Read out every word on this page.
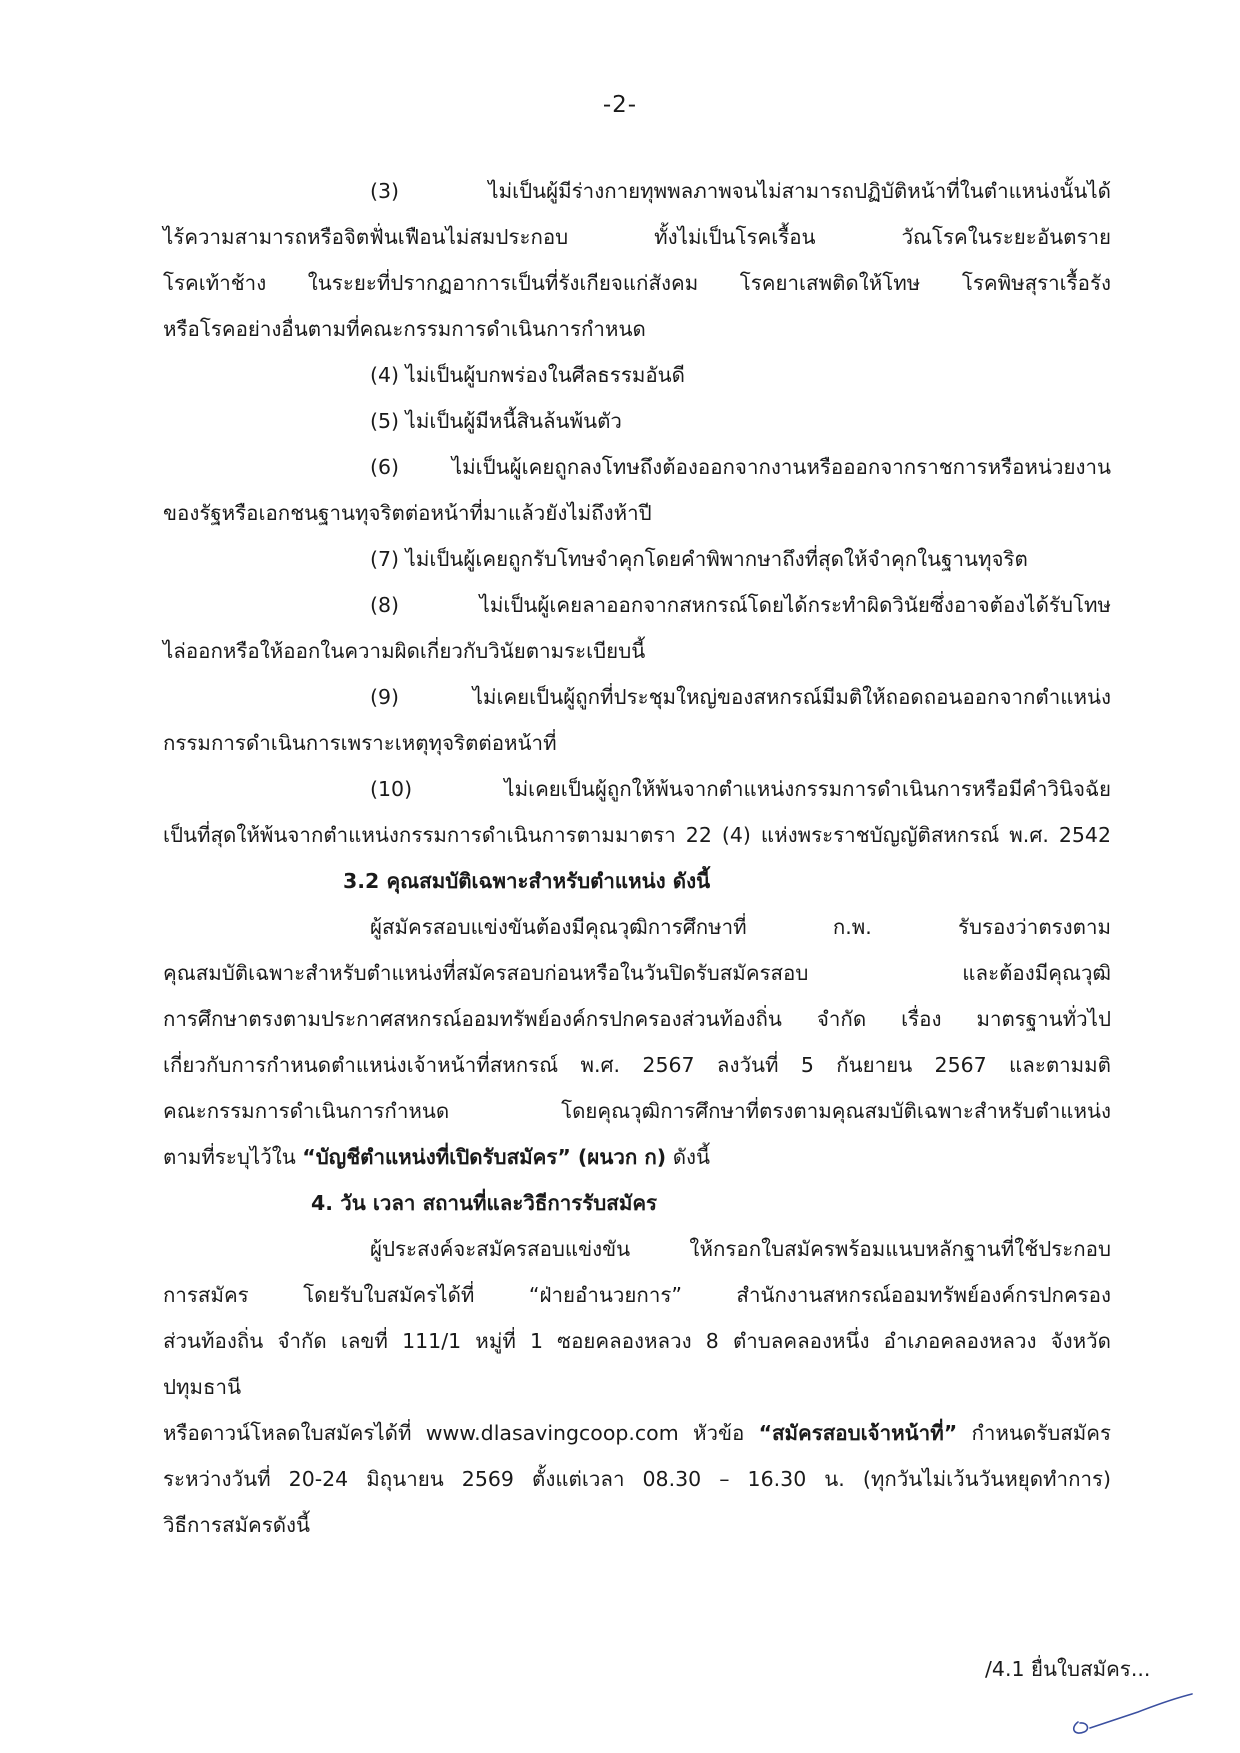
-2-

(3) ไม่เป็นผู้มีร่างกายทุพพลภาพจนไม่สามารถปฏิบัติหน้าที่ในตำแหน่งนั้นได้

ไร้ความสามารถหรือจิตฟั่นเฟือนไม่สมประกอบ ทั้งไม่เป็นโรคเรื้อน วัณโรคในระยะอันตราย

โรคเท้าช้าง ในระยะที่ปรากฏอาการเป็นที่รังเกียจแก่สังคม โรคยาเสพติดให้โทษ โรคพิษสุราเรื้อรัง

หรือโรคอย่างอื่นตามที่คณะกรรมการดำเนินการกำหนด

(4) ไม่เป็นผู้บกพร่องในศีลธรรมอันดี

(5) ไม่เป็นผู้มีหนี้สินล้นพ้นตัว

(6) ไม่เป็นผู้เคยถูกลงโทษถึงต้องออกจากงานหรือออกจากราชการหรือหน่วยงาน

ของรัฐหรือเอกชนฐานทุจริตต่อหน้าที่มาแล้วยังไม่ถึงห้าปี

(7) ไม่เป็นผู้เคยถูกรับโทษจำคุกโดยคำพิพากษาถึงที่สุดให้จำคุกในฐานทุจริต

(8) ไม่เป็นผู้เคยลาออกจากสหกรณ์โดยได้กระทำผิดวินัยซึ่งอาจต้องได้รับโทษ

ไล่ออกหรือให้ออกในความผิดเกี่ยวกับวินัยตามระเบียบนี้

(9) ไม่เคยเป็นผู้ถูกที่ประชุมใหญ่ของสหกรณ์มีมติให้ถอดถอนออกจากตำแหน่ง

กรรมการดำเนินการเพราะเหตุทุจริตต่อหน้าที่

(10) ไม่เคยเป็นผู้ถูกให้พ้นจากตำแหน่งกรรมการดำเนินการหรือมีคำวินิจฉัย

เป็นที่สุดให้พ้นจากตำแหน่งกรรมการดำเนินการตามมาตรา 22 (4) แห่งพระราชบัญญัติสหกรณ์ พ.ศ. 2542

3.2 คุณสมบัติเฉพาะสำหรับตำแหน่ง ดังนี้

ผู้สมัครสอบแข่งขันต้องมีคุณวุฒิการศึกษาที่ ก.พ. รับรองว่าตรงตาม

คุณสมบัติเฉพาะสำหรับตำแหน่งที่สมัครสอบก่อนหรือในวันปิดรับสมัครสอบ และต้องมีคุณวุฒิ

การศึกษาตรงตามประกาศสหกรณ์ออมทรัพย์องค์กรปกครองส่วนท้องถิ่น จำกัด เรื่อง มาตรฐานทั่วไป

เกี่ยวกับการกำหนดตำแหน่งเจ้าหน้าที่สหกรณ์ พ.ศ. 2567 ลงวันที่ 5 กันยายน 2567 และตามมติ

คณะกรรมการดำเนินการกำหนด โดยคุณวุฒิการศึกษาที่ตรงตามคุณสมบัติเฉพาะสำหรับตำแหน่ง

ตามที่ระบุไว้ใน “บัญชีตำแหน่งที่เปิดรับสมัคร” (ผนวก ก) ดังนี้

4. วัน เวลา สถานที่และวิธีการรับสมัคร

ผู้ประสงค์จะสมัครสอบแข่งขัน ให้กรอกใบสมัครพร้อมแนบหลักฐานที่ใช้ประกอบ

การสมัคร โดยรับใบสมัครได้ที่ “ฝ่ายอำนวยการ” สำนักงานสหกรณ์ออมทรัพย์องค์กรปกครอง

ส่วนท้องถิ่น จำกัด เลขที่ 111/1 หมู่ที่ 1 ซอยคลองหลวง 8 ตำบลคลองหนึ่ง อำเภอคลองหลวง จังหวัดปทุมธานี

หรือดาวน์โหลดใบสมัครได้ที่ www.dlasavingcoop.com หัวข้อ “สมัครสอบเจ้าหน้าที่” กำหนดรับสมัคร

ระหว่างวันที่ 20-24 มิถุนายน 2569 ตั้งแต่เวลา 08.30 – 16.30 น. (ทุกวันไม่เว้นวันหยุดทำการ)

วิธีการสมัครดังนี้

/4.1 ยื่นใบสมัคร...
